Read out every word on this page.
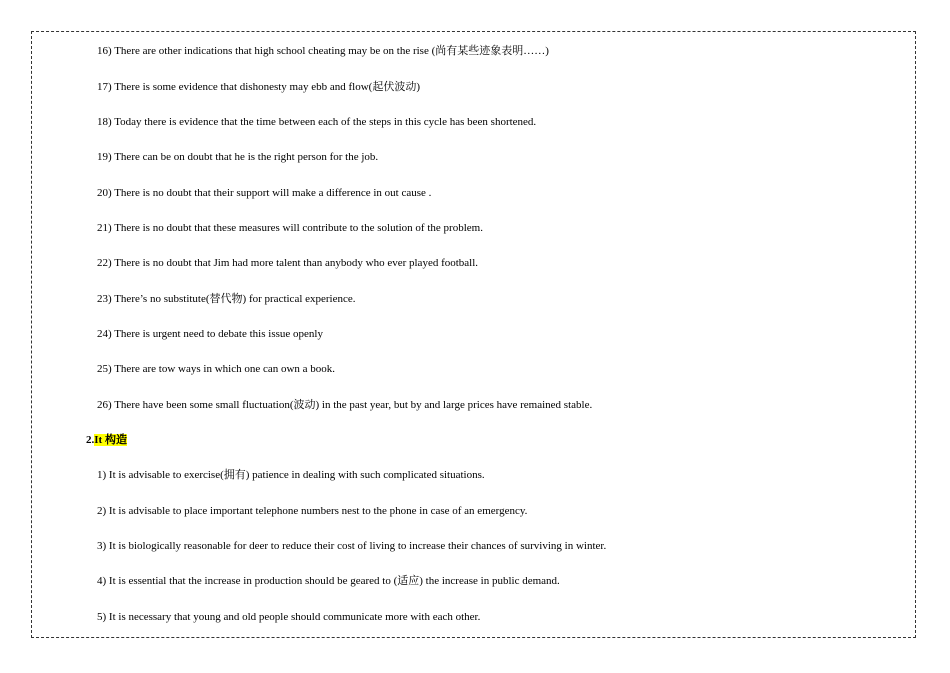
16) There are other indications that high school cheating may be on the rise (尚有某些迹象表明……)
17) There is some evidence that dishonesty may ebb and flow(起伏波动)
18) Today there is evidence that the time between each of the steps in this cycle has been shortened.
19) There can be on doubt that he is the right person for the job.
20) There is no doubt that their support will make a difference in out cause .
21) There is no doubt that these measures will contribute to the solution of the problem.
22) There is no doubt that Jim had more talent than anybody who ever played football.
23) There’s no substitute(替代物) for practical experience.
24) There is urgent need to debate this issue openly
25) There are tow ways in which one can own a book.
26) There have been some small fluctuation(波动) in the past year, but by and large prices have remained stable.
2.It 构造
1) It is advisable to exercise(拥有) patience in dealing with such complicated situations.
2) It is advisable to place important telephone numbers nest to the phone in case of an emergency.
3) It is biologically reasonable for deer to reduce their cost of living to increase their chances of surviving in winter.
4) It is essential that the increase in production should be geared to (适应) the increase in public demand.
5) It is necessary that young and old people should communicate more with each other.
